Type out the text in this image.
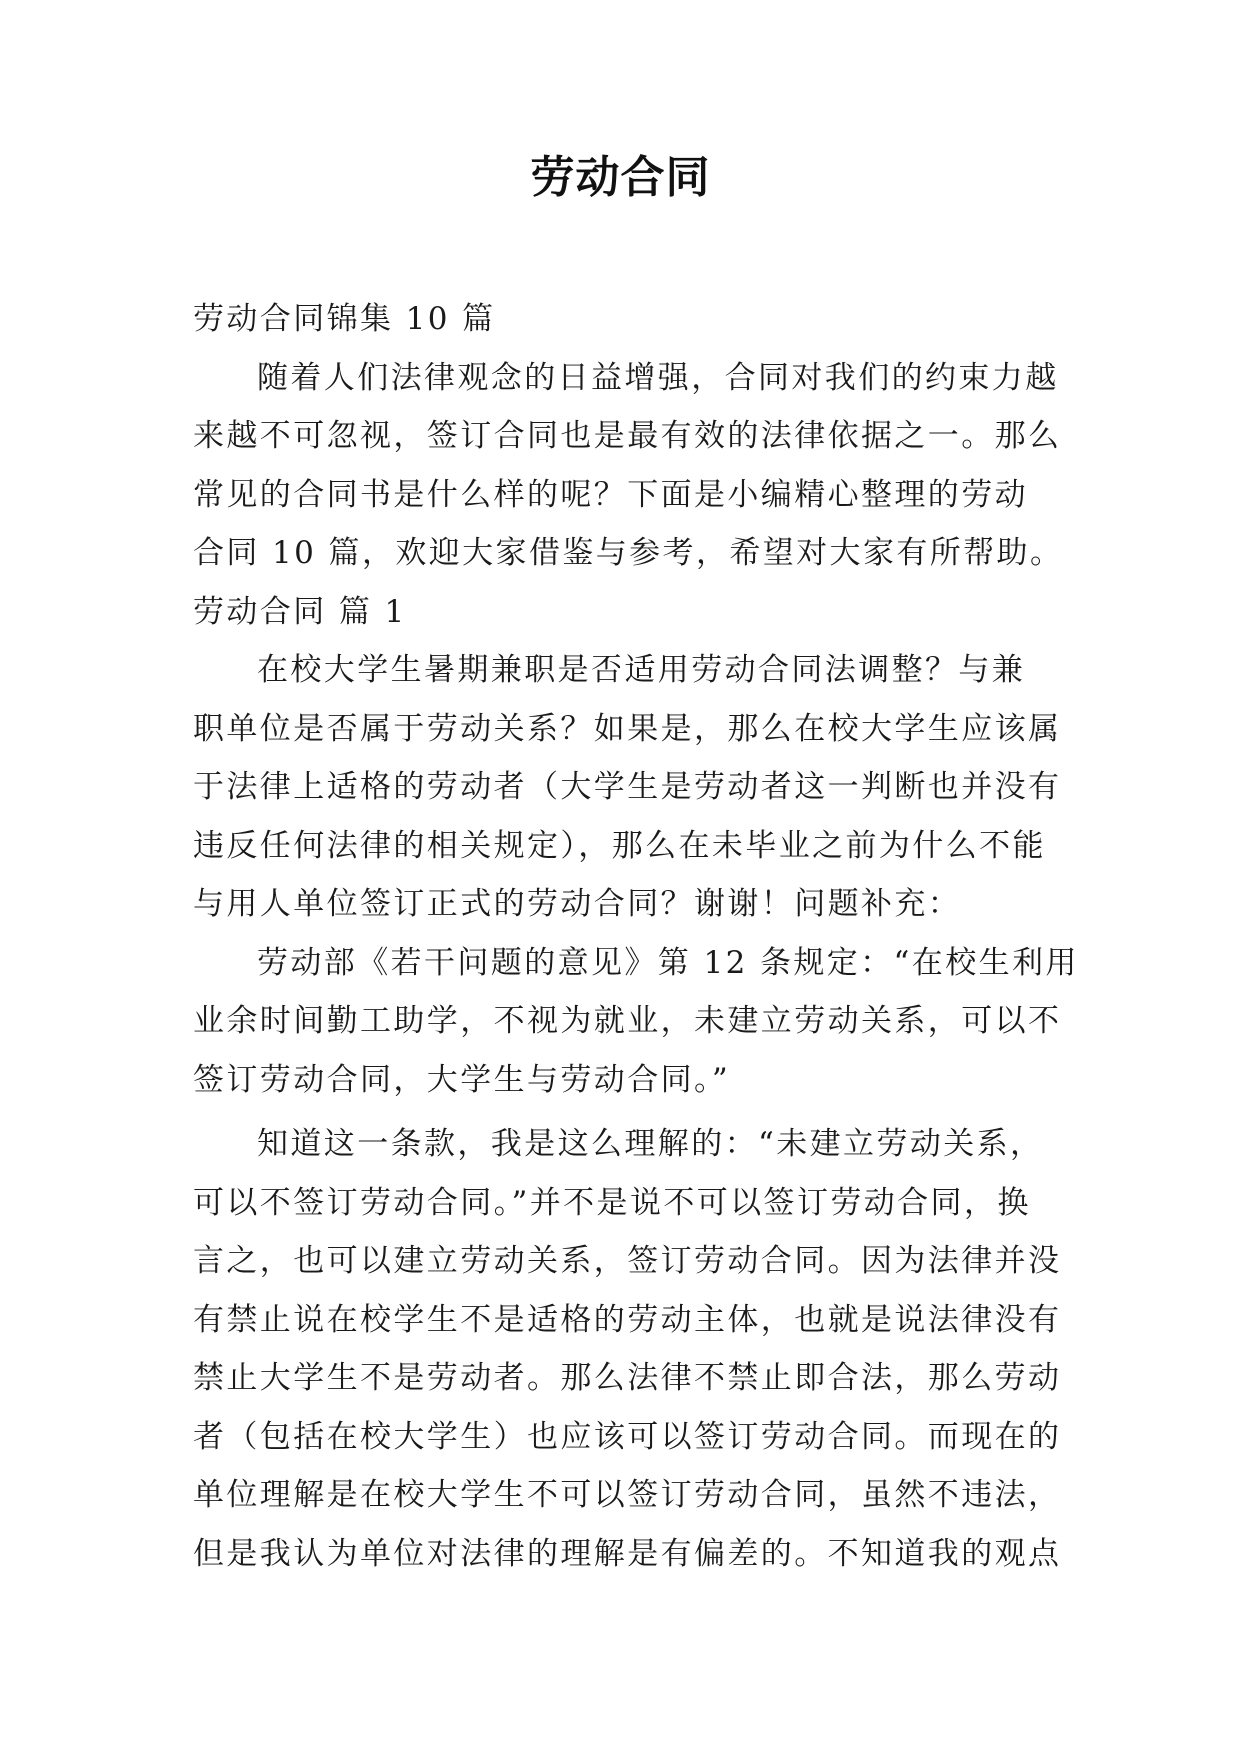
劳动合同
劳动合同锦集 10 篇
随着人们法律观念的日益增强，合同对我们的约束力越
来越不可忽视，签订合同也是最有效的法律依据之一。那么
常见的合同书是什么样的呢？下面是小编精心整理的劳动
合同 10 篇，欢迎大家借鉴与参考，希望对大家有所帮助。
劳动合同 篇 1
在校大学生暑期兼职是否适用劳动合同法调整？与兼
职单位是否属于劳动关系？如果是，那么在校大学生应该属
于法律上适格的劳动者（大学生是劳动者这一判断也并没有
违反任何法律的相关规定），那么在未毕业之前为什么不能
与用人单位签订正式的劳动合同？谢谢！问题补充：
劳动部《若干问题的意见》第 12 条规定：“在校生利用
业余时间勤工助学，不视为就业，未建立劳动关系，可以不
签订劳动合同，大学生与劳动合同。”
知道这一条款，我是这么理解的：“未建立劳动关系，
可以不签订劳动合同。”并不是说不可以签订劳动合同，换
言之，也可以建立劳动关系，签订劳动合同。因为法律并没
有禁止说在校学生不是适格的劳动主体，也就是说法律没有
禁止大学生不是劳动者。那么法律不禁止即合法，那么劳动
者（包括在校大学生）也应该可以签订劳动合同。而现在的
单位理解是在校大学生不可以签订劳动合同，虽然不违法，
但是我认为单位对法律的理解是有偏差的。不知道我的观点
